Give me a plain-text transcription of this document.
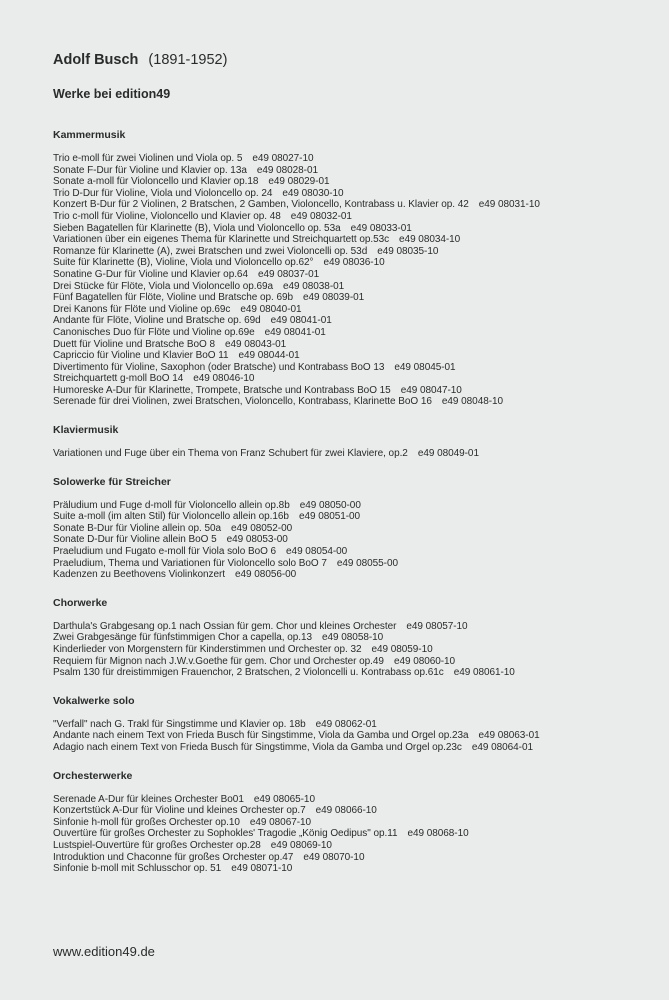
Adolf Busch (1891-1952)
Werke bei edition49
Kammermusik
Trio e-moll für zwei Violinen und Viola op. 5 e49 08027-10
Sonate F-Dur für Violine und Klavier op. 13a e49 08028-01
Sonate a-moll für Violoncello und Klavier op.18 e49 08029-01
Trio D-Dur für Violine, Viola und Violoncello op. 24 e49 08030-10
Konzert B-Dur für 2 Violinen, 2 Bratschen, 2 Gamben, Violoncello, Kontrabass u. Klavier op. 42 e49 08031-10
Trio c-moll für Violine, Violoncello und Klavier op. 48 e49 08032-01
Sieben Bagatellen für Klarinette (B), Viola und Violoncello op. 53a e49 08033-01
Variationen über ein eigenes Thema für Klarinette und Streichquartett op.53c e49 08034-10
Romanze für Klarinette (A), zwei Bratschen und zwei Violoncelli op. 53d e49 08035-10
Suite für Klarinette (B), Violine, Viola und Violoncello op.62° e49 08036-10
Sonatine G-Dur für Violine und Klavier op.64 e49 08037-01
Drei Stücke für Flöte, Viola und Violoncello op.69a e49 08038-01
Fünf Bagatellen für Flöte, Violine und Bratsche op. 69b e49 08039-01
Drei Kanons für Flöte und Violine op.69c e49 08040-01
Andante für Flöte, Violine und Bratsche op. 69d e49 08041-01
Canonisches Duo für Flöte und Violine op.69e e49 08041-01
Duett für Violine und Bratsche BoO 8 e49 08043-01
Capriccio für Violine und Klavier BoO 11 e49 08044-01
Divertimento für Violine, Saxophon (oder Bratsche) und Kontrabass BoO 13 e49 08045-01
Streichquartett g-moll BoO 14 e49 08046-10
Humoreske A-Dur für Klarinette, Trompete, Bratsche und Kontrabass BoO 15 e49 08047-10
Serenade für drei Violinen, zwei Bratschen, Violoncello, Kontrabass, Klarinette BoO 16 e49 08048-10
Klaviermusik
Variationen und Fuge über ein Thema von Franz Schubert für zwei Klaviere, op.2 e49 08049-01
Solowerke für Streicher
Präludium und Fuge d-moll für Violoncello allein op.8b e49 08050-00
Suite a-moll (im alten Stil) für Violoncello allein op.16b e49 08051-00
Sonate B-Dur für Violine allein op. 50a e49 08052-00
Sonate D-Dur für Violine allein BoO 5 e49 08053-00
Praeludium und Fugato e-moll für Viola solo BoO 6 e49 08054-00
Praeludium, Thema und Variationen für Violoncello solo BoO 7 e49 08055-00
Kadenzen zu Beethovens Violinkonzert e49 08056-00
Chorwerke
Darthula's Grabgesang op.1 nach Ossian für gem. Chor und kleines Orchester e49 08057-10
Zwei Grabgesänge für fünfstimmigen Chor a capella, op.13 e49 08058-10
Kinderlieder von Morgenstern für Kinderstimmen und Orchester op. 32 e49 08059-10
Requiem für Mignon nach J.W.v.Goethe für gem. Chor und Orchester op.49 e49 08060-10
Psalm 130 für dreistimmigen Frauenchor, 2 Bratschen, 2 Violoncelli u. Kontrabass op.61c e49 08061-10
Vokalwerke solo
"Verfall" nach G. Trakl für Singstimme und Klavier op. 18b e49 08062-01
Andante nach einem Text von Frieda Busch für Singstimme, Viola da Gamba und Orgel op.23a e49 08063-01
Adagio nach einem Text von Frieda Busch für Singstimme, Viola da Gamba und Orgel op.23c e49 08064-01
Orchesterwerke
Serenade A-Dur für kleines Orchester Bo01 e49 08065-10
Konzertstück A-Dur für Violine und kleines Orchester op.7 e49 08066-10
Sinfonie h-moll für großes Orchester op.10 e49 08067-10
Ouvertüre für großes Orchester zu Sophokles' Tragodie „König Oedipus" op.11 e49 08068-10
Lustspiel-Ouvertüre für großes Orchester op.28 e49 08069-10
Introduktion und Chaconne für großes Orchester op.47 e49 08070-10
Sinfonie b-moll mit Schlusschor op. 51 e49 08071-10
www.edition49.de
